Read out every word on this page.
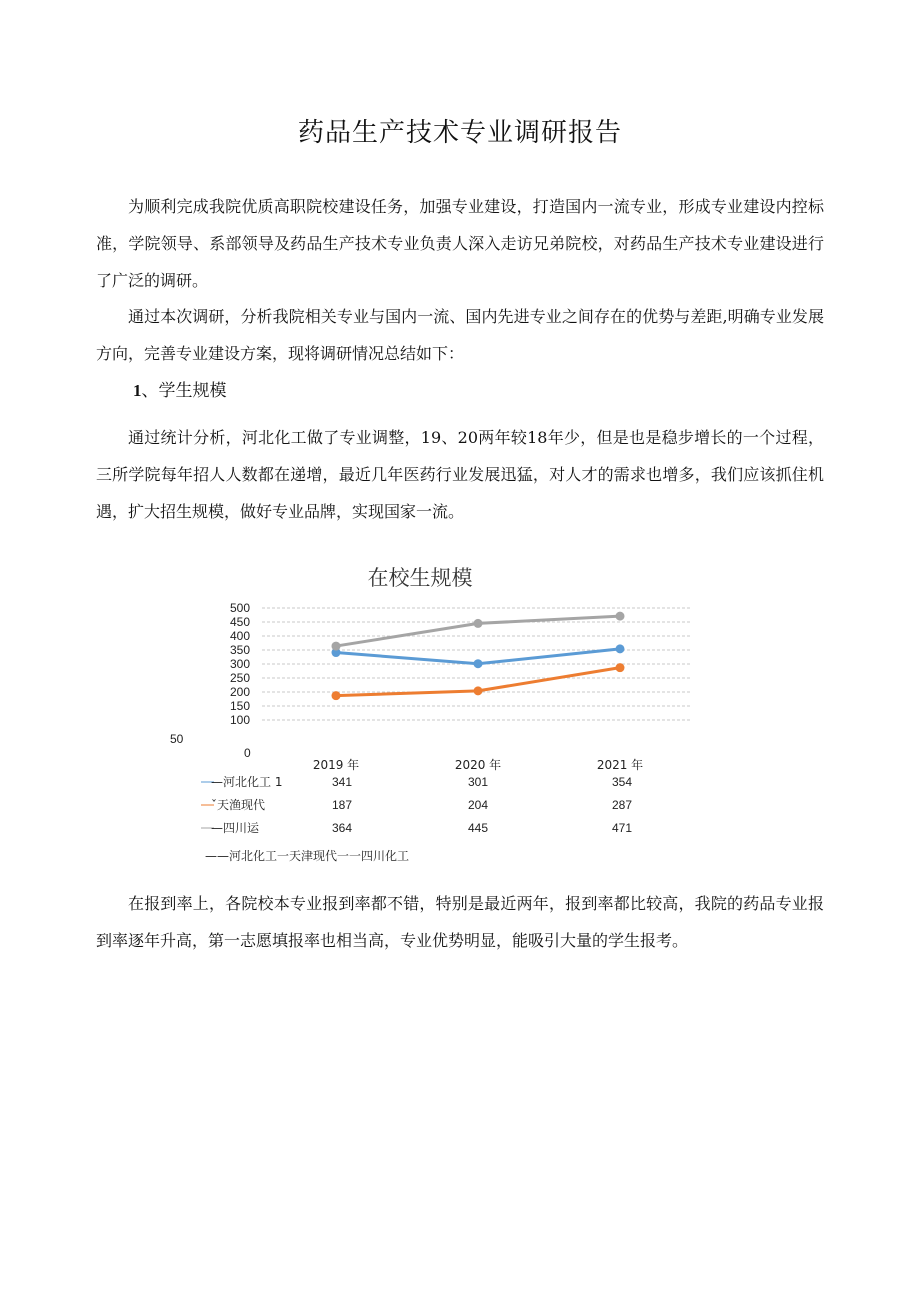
药品生产技术专业调研报告

为顺利完成我院优质高职院校建设任务，加强专业建设，打造国内一流专业，形成专业建设内控标准，学院领导、系部领导及药品生产技术专业负责人深入走访兄弟院校，对药品生产技术专业建设进行了广泛的调研。

通过本次调研，分析我院相关专业与国内一流、国内先进专业之间存在的优势与差距,明确专业发展方向，完善专业建设方案，现将调研情况总结如下：

1、学生规模

通过统计分析，河北化工做了专业调整，19、20两年较18年少，但是也是稳步增长的一个过程，三所学院每年招人人数都在递增，最近几年医药行业发展迅猛，对人才的需求也增多，我们应该抓住机遇，扩大招生规模，做好专业品牌，实现国家一流。

在校生规模
500
450
400
350
300
250
200
150
100
50
0
2019 年	2020 年	2021 年
—河北化工 1	341	301	354
ˇ天渔现代	187	204	287
—四川运	364	445	471
——河北化工一天津现代一一四川化工

在报到率上，各院校本专业报到率都不错，特别是最近两年，报到率都比较高，我院的药品专业报到率逐年升高，第一志愿填报率也相当高，专业优势明显，能吸引大量的学生报考。
